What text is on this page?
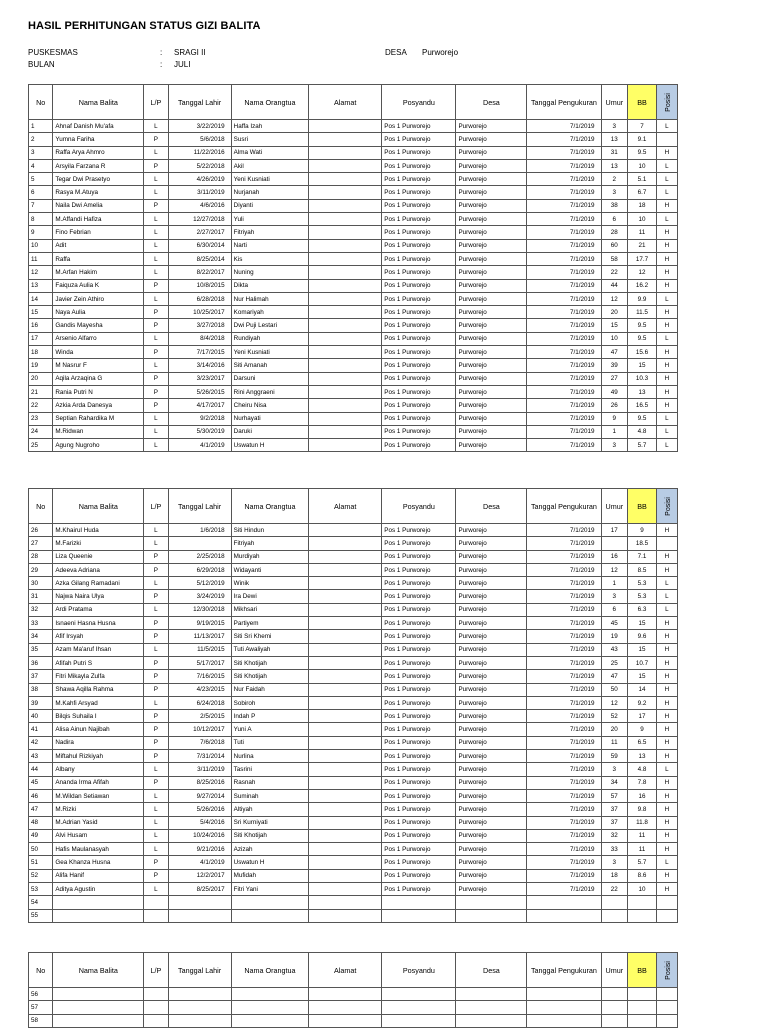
HASIL PERHITUNGAN STATUS GIZI BALITA
PUSKESMAS	: SRAGI II	DESA Purworejo
BULAN	: JULI
No	Nama Balita	L/P	Tanggal Lahir	Nama Orangtua	Alamat	Posyandu	Desa	Tanggal Pengukuran	Umur	BB	Posisi
1	Ahnaf Danish Mu'afa	L	3/22/2019	Haffa Izah		Pos 1 Purworejo	Purworejo	7/1/2019	3	7	L
2	Yumna Fariha	P	5/6/2018	Susri		Pos 1 Purworejo	Purworejo	7/1/2019	13	9.1	
3	Raffa Arya Ahmro	L	11/22/2016	Alma Wati		Pos 1 Purworejo	Purworejo	7/1/2019	31	9.5	H
4	Arsyila Farzana R	P	5/22/2018	Akil		Pos 1 Purworejo	Purworejo	7/1/2019	13	10	L
5	Tegar Dwi Prasetyo	L	4/26/2019	Yeni Kusniati		Pos 1 Purworejo	Purworejo	7/1/2019	2	5.1	L
6	Rasya M.Atuya	L	3/11/2019	Nurjanah		Pos 1 Purworejo	Purworejo	7/1/2019	3	6.7	L
7	Naila Dwi Amelia	P	4/6/2016	Diyanti		Pos 1 Purworejo	Purworejo	7/1/2019	38	18	H
8	M.Affandi Hafiza	L	12/27/2018	Yuli		Pos 1 Purworejo	Purworejo	7/1/2019	6	10	L
9	Fino Febrian	L	2/27/2017	Fitriyah		Pos 1 Purworejo	Purworejo	7/1/2019	28	11	H
10	Adit	L	6/30/2014	Narti		Pos 1 Purworejo	Purworejo	7/1/2019	60	21	H
11	Raffa	L	8/25/2014	Kis		Pos 1 Purworejo	Purworejo	7/1/2019	58	17.7	H
12	M.Arfan Hakim	L	8/22/2017	Nuning		Pos 1 Purworejo	Purworejo	7/1/2019	22	12	H
13	Faiquza Aulia K	P	10/8/2015	Dikta		Pos 1 Purworejo	Purworejo	7/1/2019	44	16.2	H
14	Javier Zein Athiro	L	6/28/2018	Nur Halimah		Pos 1 Purworejo	Purworejo	7/1/2019	12	9.9	L
15	Naya Aulia	P	10/25/2017	Komariyah		Pos 1 Purworejo	Purworejo	7/1/2019	20	11.5	H
16	Gandis Mayesha	P	3/27/2018	Dwi Puji Lestari		Pos 1 Purworejo	Purworejo	7/1/2019	15	9.5	H
17	Arsenio Alfarro	L	8/4/2018	Rundiyah		Pos 1 Purworejo	Purworejo	7/1/2019	10	9.5	L
18	Winda	P	7/17/2015	Yeni Kusniati		Pos 1 Purworejo	Purworejo	7/1/2019	47	15.6	H
19	M Nasrur F	L	3/14/2016	Siti Amanah		Pos 1 Purworejo	Purworejo	7/1/2019	39	15	H
20	Aqila Arzaqina G	P	3/23/2017	Darsuni		Pos 1 Purworejo	Purworejo	7/1/2019	27	10.3	H
21	Rania Putri N	P	5/26/2015	Rini Anggraeni		Pos 1 Purworejo	Purworejo	7/1/2019	49	13	H
22	Azkia Arda Danesya	P	4/17/2017	Cheiru Nisa		Pos 1 Purworejo	Purworejo	7/1/2019	26	16.5	H
23	Septian Rahardika M	L	9/2/2018	Nurhayati		Pos 1 Purworejo	Purworejo	7/1/2019	9	9.5	L
24	M.Ridwan	L	5/30/2019	Daruki		Pos 1 Purworejo	Purworejo	7/1/2019	1	4.8	L
25	Agung Nugroho	L	4/1/2019	Uswatun H		Pos 1 Purworejo	Purworejo	7/1/2019	3	5.7	L
No	Nama Balita	L/P	Tanggal Lahir	Nama Orangtua	Alamat	Posyandu	Desa	Tanggal Pengukuran	Umur	BB	Posisi
26	M.Khairul Huda	L	1/6/2018	Siti Hindun		Pos 1 Purworejo	Purworejo	7/1/2019	17	9	H
27	M.Farizki	L		Fitriyah		Pos 1 Purworejo	Purworejo	7/1/2019		18.5	
28	Liza Queenie	P	2/25/2018	Murdiyah		Pos 1 Purworejo	Purworejo	7/1/2019	16	7.1	H
29	Adeeva Adriana	P	6/29/2018	Widayanti		Pos 1 Purworejo	Purworejo	7/1/2019	12	8.5	H
30	Azka Gilang Ramadani	L	5/12/2019	Winik		Pos 1 Purworejo	Purworejo	7/1/2019	1	5.3	L
31	Najwa Naira Ulya	P	3/24/2019	Ira Dewi		Pos 1 Purworejo	Purworejo	7/1/2019	3	5.3	L
32	Ardi Pratama	L	12/30/2018	Mikhsari		Pos 1 Purworejo	Purworejo	7/1/2019	6	6.3	L
33	Isnaeni Hasna Husna	P	9/19/2015	Partiyem		Pos 1 Purworejo	Purworejo	7/1/2019	45	15	H
34	Afif Irsyah	P	11/13/2017	Siti Sri Khemi		Pos 1 Purworejo	Purworejo	7/1/2019	19	9.6	H
35	Azam Ma'aruf Ihsan	L	11/5/2015	Tuti Awaliyah		Pos 1 Purworejo	Purworejo	7/1/2019	43	15	H
36	Afifah Putri S	P	5/17/2017	Siti Khotijah		Pos 1 Purworejo	Purworejo	7/1/2019	25	10.7	H
37	Fitri Mikayla Zulfa	P	7/16/2015	Siti Khotijah		Pos 1 Purworejo	Purworejo	7/1/2019	47	15	H
38	Shawa Aqilla Rahma	P	4/23/2015	Nur Faidah		Pos 1 Purworejo	Purworejo	7/1/2019	50	14	H
39	M.Kahfi Arsyad	L	6/24/2018	Sobiroh		Pos 1 Purworejo	Purworejo	7/1/2019	12	9.2	H
40	Bilqis Suhaila I	P	2/5/2015	Indah P		Pos 1 Purworejo	Purworejo	7/1/2019	52	17	H
41	Alisa Ainun Najibah	P	10/12/2017	Yuni A		Pos 1 Purworejo	Purworejo	7/1/2019	20	9	H
42	Nadira	P	7/6/2018	Tuti		Pos 1 Purworejo	Purworejo	7/1/2019	11	6.5	H
43	Miftahul Rizkiyah	P	7/31/2014	Nurlina		Pos 1 Purworejo	Purworejo	7/1/2019	59	13	H
44	Albany	L	3/11/2019	Tasrini		Pos 1 Purworejo	Purworejo	7/1/2019	3	4.8	L
45	Ananda Irma Afifah	P	8/25/2016	Rasnah		Pos 1 Purworejo	Purworejo	7/1/2019	34	7.8	H
46	M.Wildan Setiawan	L	9/27/2014	Suminah		Pos 1 Purworejo	Purworejo	7/1/2019	57	16	H
47	M.Rizki	L	5/26/2016	Altiyah		Pos 1 Purworejo	Purworejo	7/1/2019	37	9.8	H
48	M.Adrian Yasid	L	5/4/2016	Sri Kurniyati		Pos 1 Purworejo	Purworejo	7/1/2019	37	11.8	H
49	Alvi Husam	L	10/24/2016	Siti Khotijah		Pos 1 Purworejo	Purworejo	7/1/2019	32	11	H
50	Hafis Maulanasyah	L	9/21/2016	Azizah		Pos 1 Purworejo	Purworejo	7/1/2019	33	11	H
51	Gea Khanza Husna	P	4/1/2019	Uswatun H		Pos 1 Purworejo	Purworejo	7/1/2019	3	5.7	L
52	Alifa Hanif	P	12/2/2017	Mufidah		Pos 1 Purworejo	Purworejo	7/1/2019	18	8.6	H
53	Aditya Agustin	L	8/25/2017	Fitri Yani		Pos 1 Purworejo	Purworejo	7/1/2019	22	10	H
54											
55											
No	Nama Balita	L/P	Tanggal Lahir	Nama Orangtua	Alamat	Posyandu	Desa	Tanggal Pengukuran	Umur	BB	Posisi
56											
57											
58											
